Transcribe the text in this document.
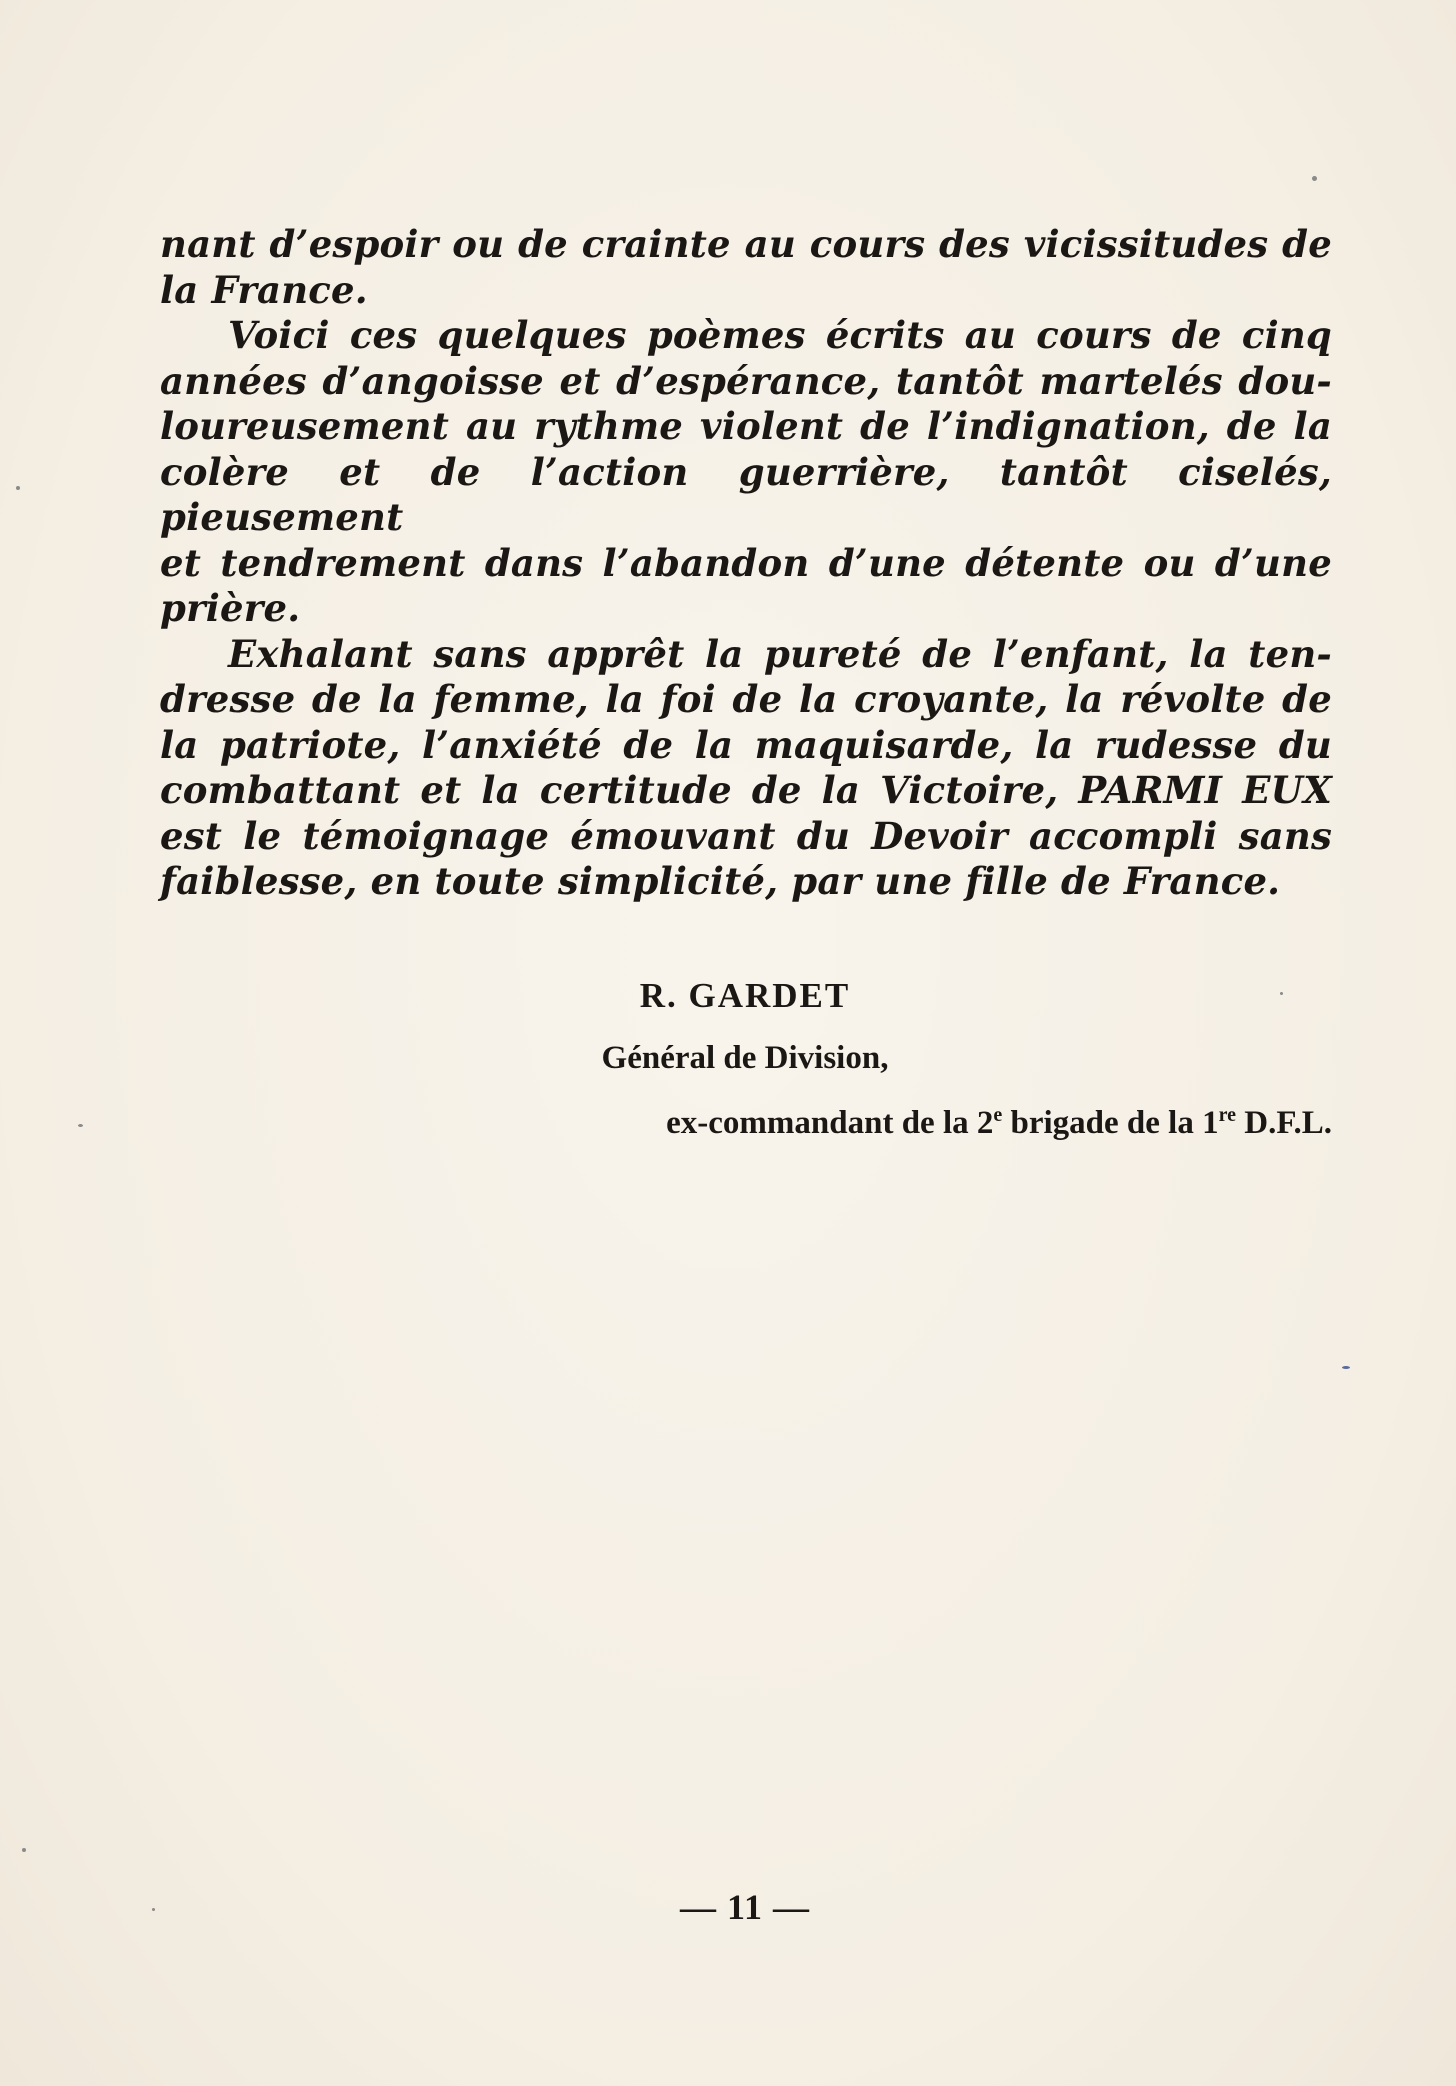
nant d’espoir ou de crainte au cours des vicissitudes de
la France.
Voici ces quelques poèmes écrits au cours de cinq
années d’angoisse et d’espérance, tantôt martelés dou-
loureusement au rythme violent de l’indignation, de la
colère et de l’action guerrière, tantôt ciselés, pieusement
et tendrement dans l’abandon d’une détente ou d’une
prière.
Exhalant sans apprêt la pureté de l’enfant, la ten-
dresse de la femme, la foi de la croyante, la révolte de
la patriote, l’anxiété de la maquisarde, la rudesse du
combattant et la certitude de la Victoire, PARMI EUX
est le témoignage émouvant du Devoir accompli sans
faiblesse, en toute simplicité, par une fille de France.
R. GARDET
Général de Division,
ex-commandant de la 2e brigade de la 1re D.F.L.
— 11 —
